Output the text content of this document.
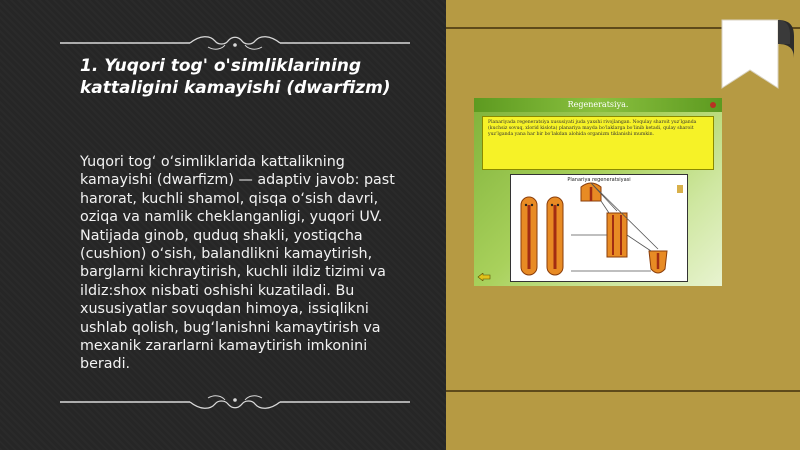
1. Yuqori tog' o'simliklarining kattaligini kamayishi (dwarfizm)

Yuqori tog‘ o‘simliklarida kattalikning kamayishi (dwarfizm) — adaptiv javob: past harorat, kuchli shamol, qisqa o‘sish davri, oziqa va namlik cheklanganligi, yuqori UV. Natijada ginob, quduq shakli, yostiqcha (cushion) o‘sish, balandlikni kamaytirish, barglarni kichraytirish, kuchli ildiz tizimi va ildiz:shox nisbati oshishi kuzatiladi. Bu xususiyatlar sovuqdan himoya, issiqlikni ushlab qolish, bug‘lanishni kamaytirish va mexanik zararlarni kamaytirish imkonini beradi.

Regeneratsiya.
Planariyada regeneratsiya xususiyati juda yaxshi rivojlangan. Noqulay sharoit yuz‘lganda (kuchsiz sovuq, xlorid kislota) planariya mayda bo‘laklarga bo‘linib ketadi, qulay sharoit yuz‘lganda yana har bir bo‘lakdan alohida organizm tiklanishi mumkin.
Planariya regeneratsiyasi
